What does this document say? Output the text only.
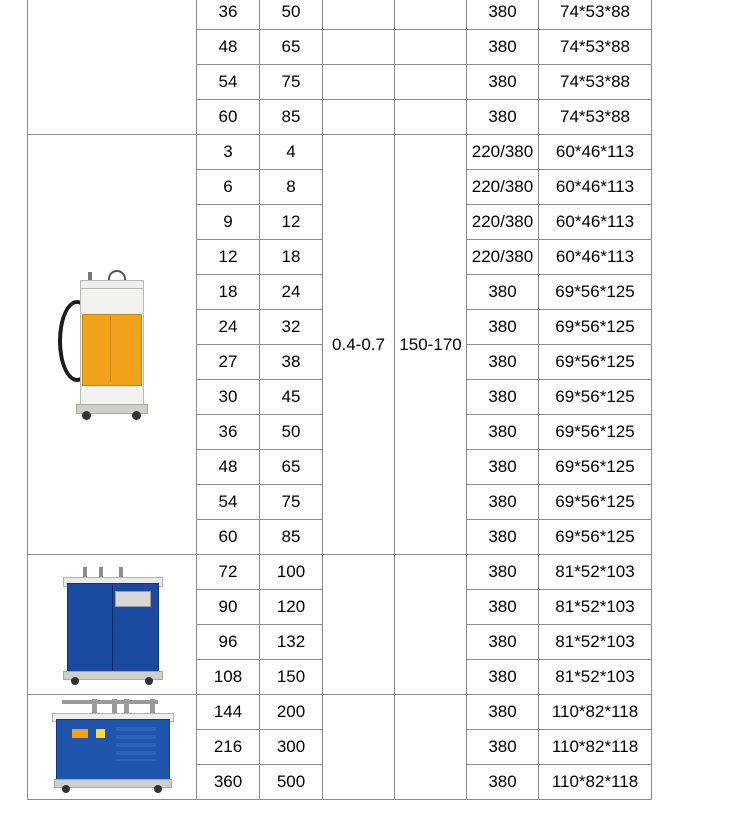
	36	50			380	74*53*88
	48	65			380	74*53*88
	54	75			380	74*53*88
	60	85			380	74*53*88

	3	4	0.4-0.7	150-170	220/380	60*46*113
	6	8			220/380	60*46*113
	9	12			220/380	60*46*113
	12	18			220/380	60*46*113
	18	24			380	69*56*125
	24	32			380	69*56*125
	27	38			380	69*56*125
	30	45			380	69*56*125
	36	50			380	69*56*125
	48	65			380	69*56*125
	54	75			380	69*56*125
	60	85			380	69*56*125

	72	100			380	81*52*103
	90	120			380	81*52*103
	96	132			380	81*52*103
	108	150			380	81*52*103

	144	200			380	110*82*118
	216	300			380	110*82*118
	360	500			380	110*82*118
